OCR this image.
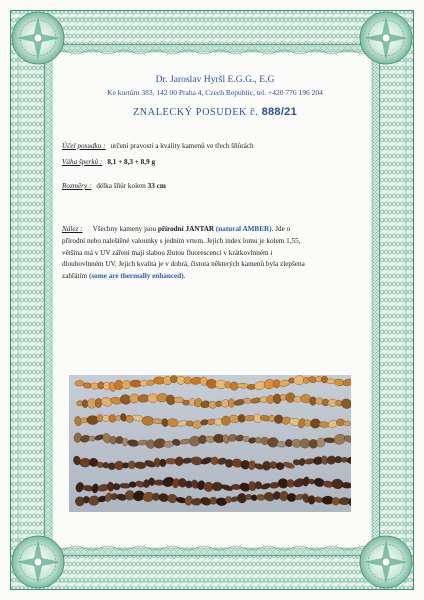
Dr. Jaroslav Hyršl E.G.G., E.G
Ke kurtům 383, 142 00 Praha 4, Czech Republic, tel. +420 776 196 204
ZNALECKÝ POSUDEK č. 888/21
Účel posudku : určení pravosti a kvality kamenů ve třech šňůrách
Váha šperků : 8,1 + 8,3 + 8,9 g
Rozměry : délka šňůr kolem 33 cm
Nález : Všechny kameny jsou přírodní JANTAR (natural AMBER). Jde o
přírodní nebo naleštěné valounky s jedním vrtem. Jejich index lomu je kolem 1,55,
většina má v UV záření mají slabou žlutou fluorescenci v krátkovlnném i
dlouhovlnném UV. Jejich kvalita je v dobrá, čistota některých kamenů byla zlepšena
zahřátím (some are thermally enhanced).
